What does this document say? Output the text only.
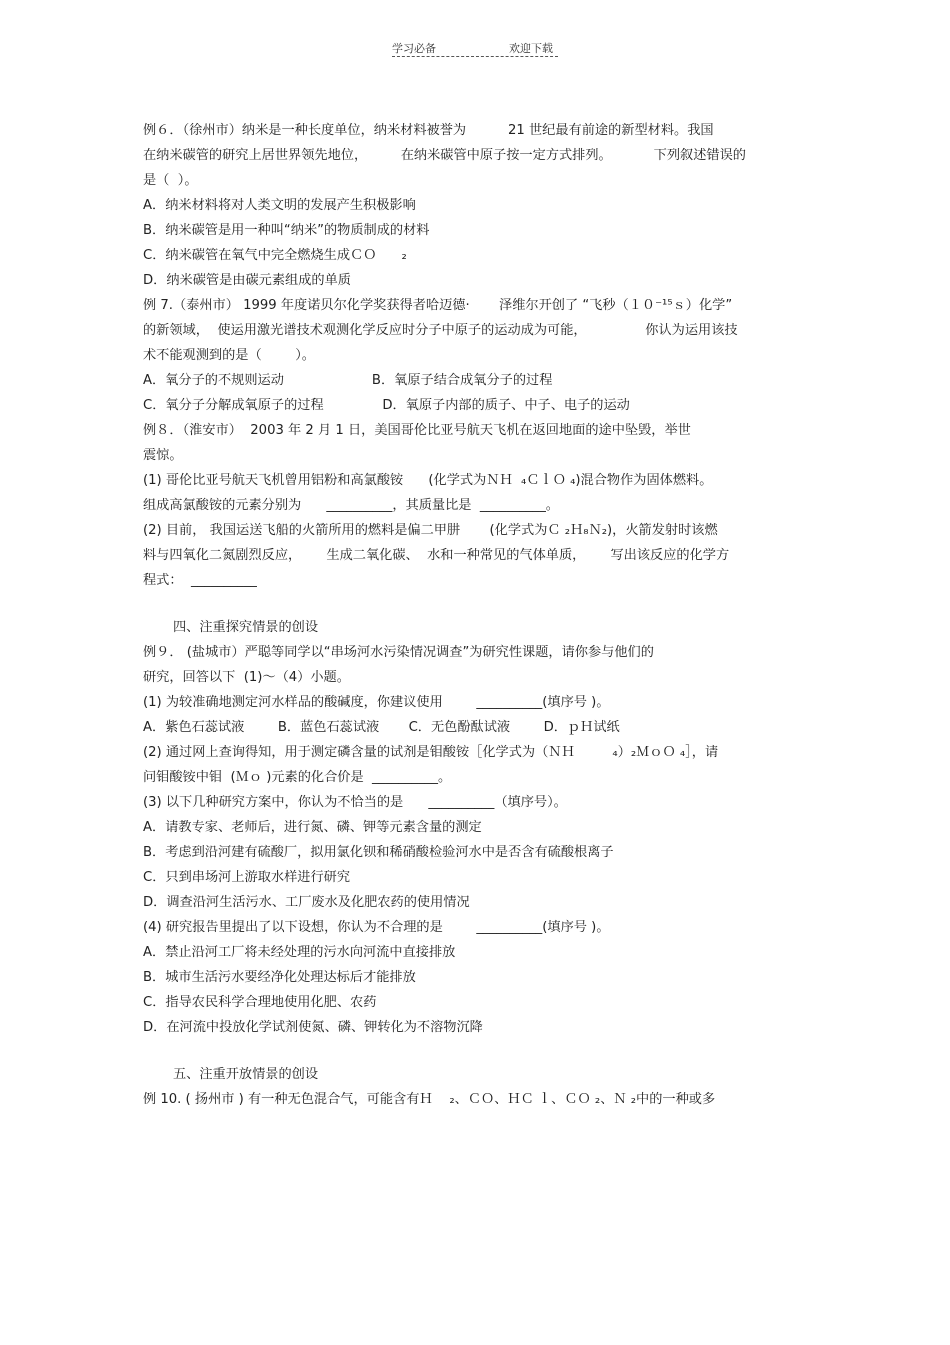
学习必备	欢迎下载
例６．（徐州市）纳米是一种长度单位，纳米材料被誉为          21 世纪最有前途的新型材料。我国
在纳米碳管的研究上居世界领先地位，        在纳米碳管中原子按一定方式排列。          下列叙述错误的
是（  ）。
A．纳米材料将对人类文明的发展产生积极影响
B．纳米碳管是用一种叫“纳米”的物质制成的材料
C．纳米碳管在氧气中完全燃烧生成ＣＯ      ₂
D．纳米碳管是由碳元素组成的单质
例 7.（泰州市） 1999 年度诺贝尔化学奖获得者哈迈德·       泽维尔开创了 “飞秒（１０⁻¹⁵ｓ）化学”
的新领域，  使运用激光谱技术观测化学反应时分子中原子的运动成为可能，              你认为运用该技
术不能观测到的是（        ）。
A．氧分子的不规则运动                     B．氧原子结合成氧分子的过程
C．氧分子分解成氧原子的过程              D．氧原子内部的质子、中子、电子的运动
例８．（淮安市）  2003 年 2 月 1 日，美国哥伦比亚号航天飞机在返回地面的途中坠毁，举世
震惊。
(1) 哥伦比亚号航天飞机曾用铝粉和高氯酸铵      (化学式为ＮＨ  ₄ＣｌＯ ₄)混合物作为固体燃料。
组成高氯酸铵的元素分别为      __________，其质量比是  __________。
(2) 目前， 我国运送飞船的火箭所用的燃料是偏二甲肼       (化学式为Ｃ ₂Ｈ₈Ｎ₂)，火箭发射时该燃
料与四氧化二氮剧烈反应，      生成二氧化碳、  水和一种常见的气体单质，      写出该反应的化学方
程式：  __________
四、注重探究情景的创设
例９． (盐城市）严聪等同学以“串场河水污染情况调查”为研究性课题，请你参与他们的
研究，回答以下  (1)～（4）小题。
(1) 为较准确地测定河水样品的酸碱度，你建议使用        __________(填序号 )。
A．紫色石蕊试液        B．蓝色石蕊试液       C．无色酚酞试液        D．ｐＨ试纸
(2) 通过网上查询得知，用于测定磷含量的试剂是钼酸铵［化学式为（ＮＨ         ₄）₂ＭｏＯ ₄］，请
问钼酸铵中钼  (Ｍｏ )元素的化合价是  __________。
(3) 以下几种研究方案中，你认为不恰当的是      __________（填序号）。
A．请教专家、老师后，进行氮、磷、钾等元素含量的测定
B．考虑到沿河建有硫酸厂，拟用氯化钡和稀硝酸检验河水中是否含有硫酸根离子
C．只到串场河上游取水样进行研究
D．调查沿河生活污水、工厂废水及化肥农药的使用情况
(4) 研究报告里提出了以下设想，你认为不合理的是        __________(填序号 )。
A．禁止沿河工厂将未经处理的污水向河流中直接排放
B．城市生活污水要经净化处理达标后才能排放
C．指导农民科学合理地使用化肥、农药
D．在河流中投放化学试剂使氮、磷、钾转化为不溶物沉降
五、注重开放情景的创设
例 10. ( 扬州市 ) 有一种无色混合气，可能含有Ｈ    ₂、ＣＯ、ＨＣ ｌ、ＣＯ ₂、Ｎ ₂中的一种或多
